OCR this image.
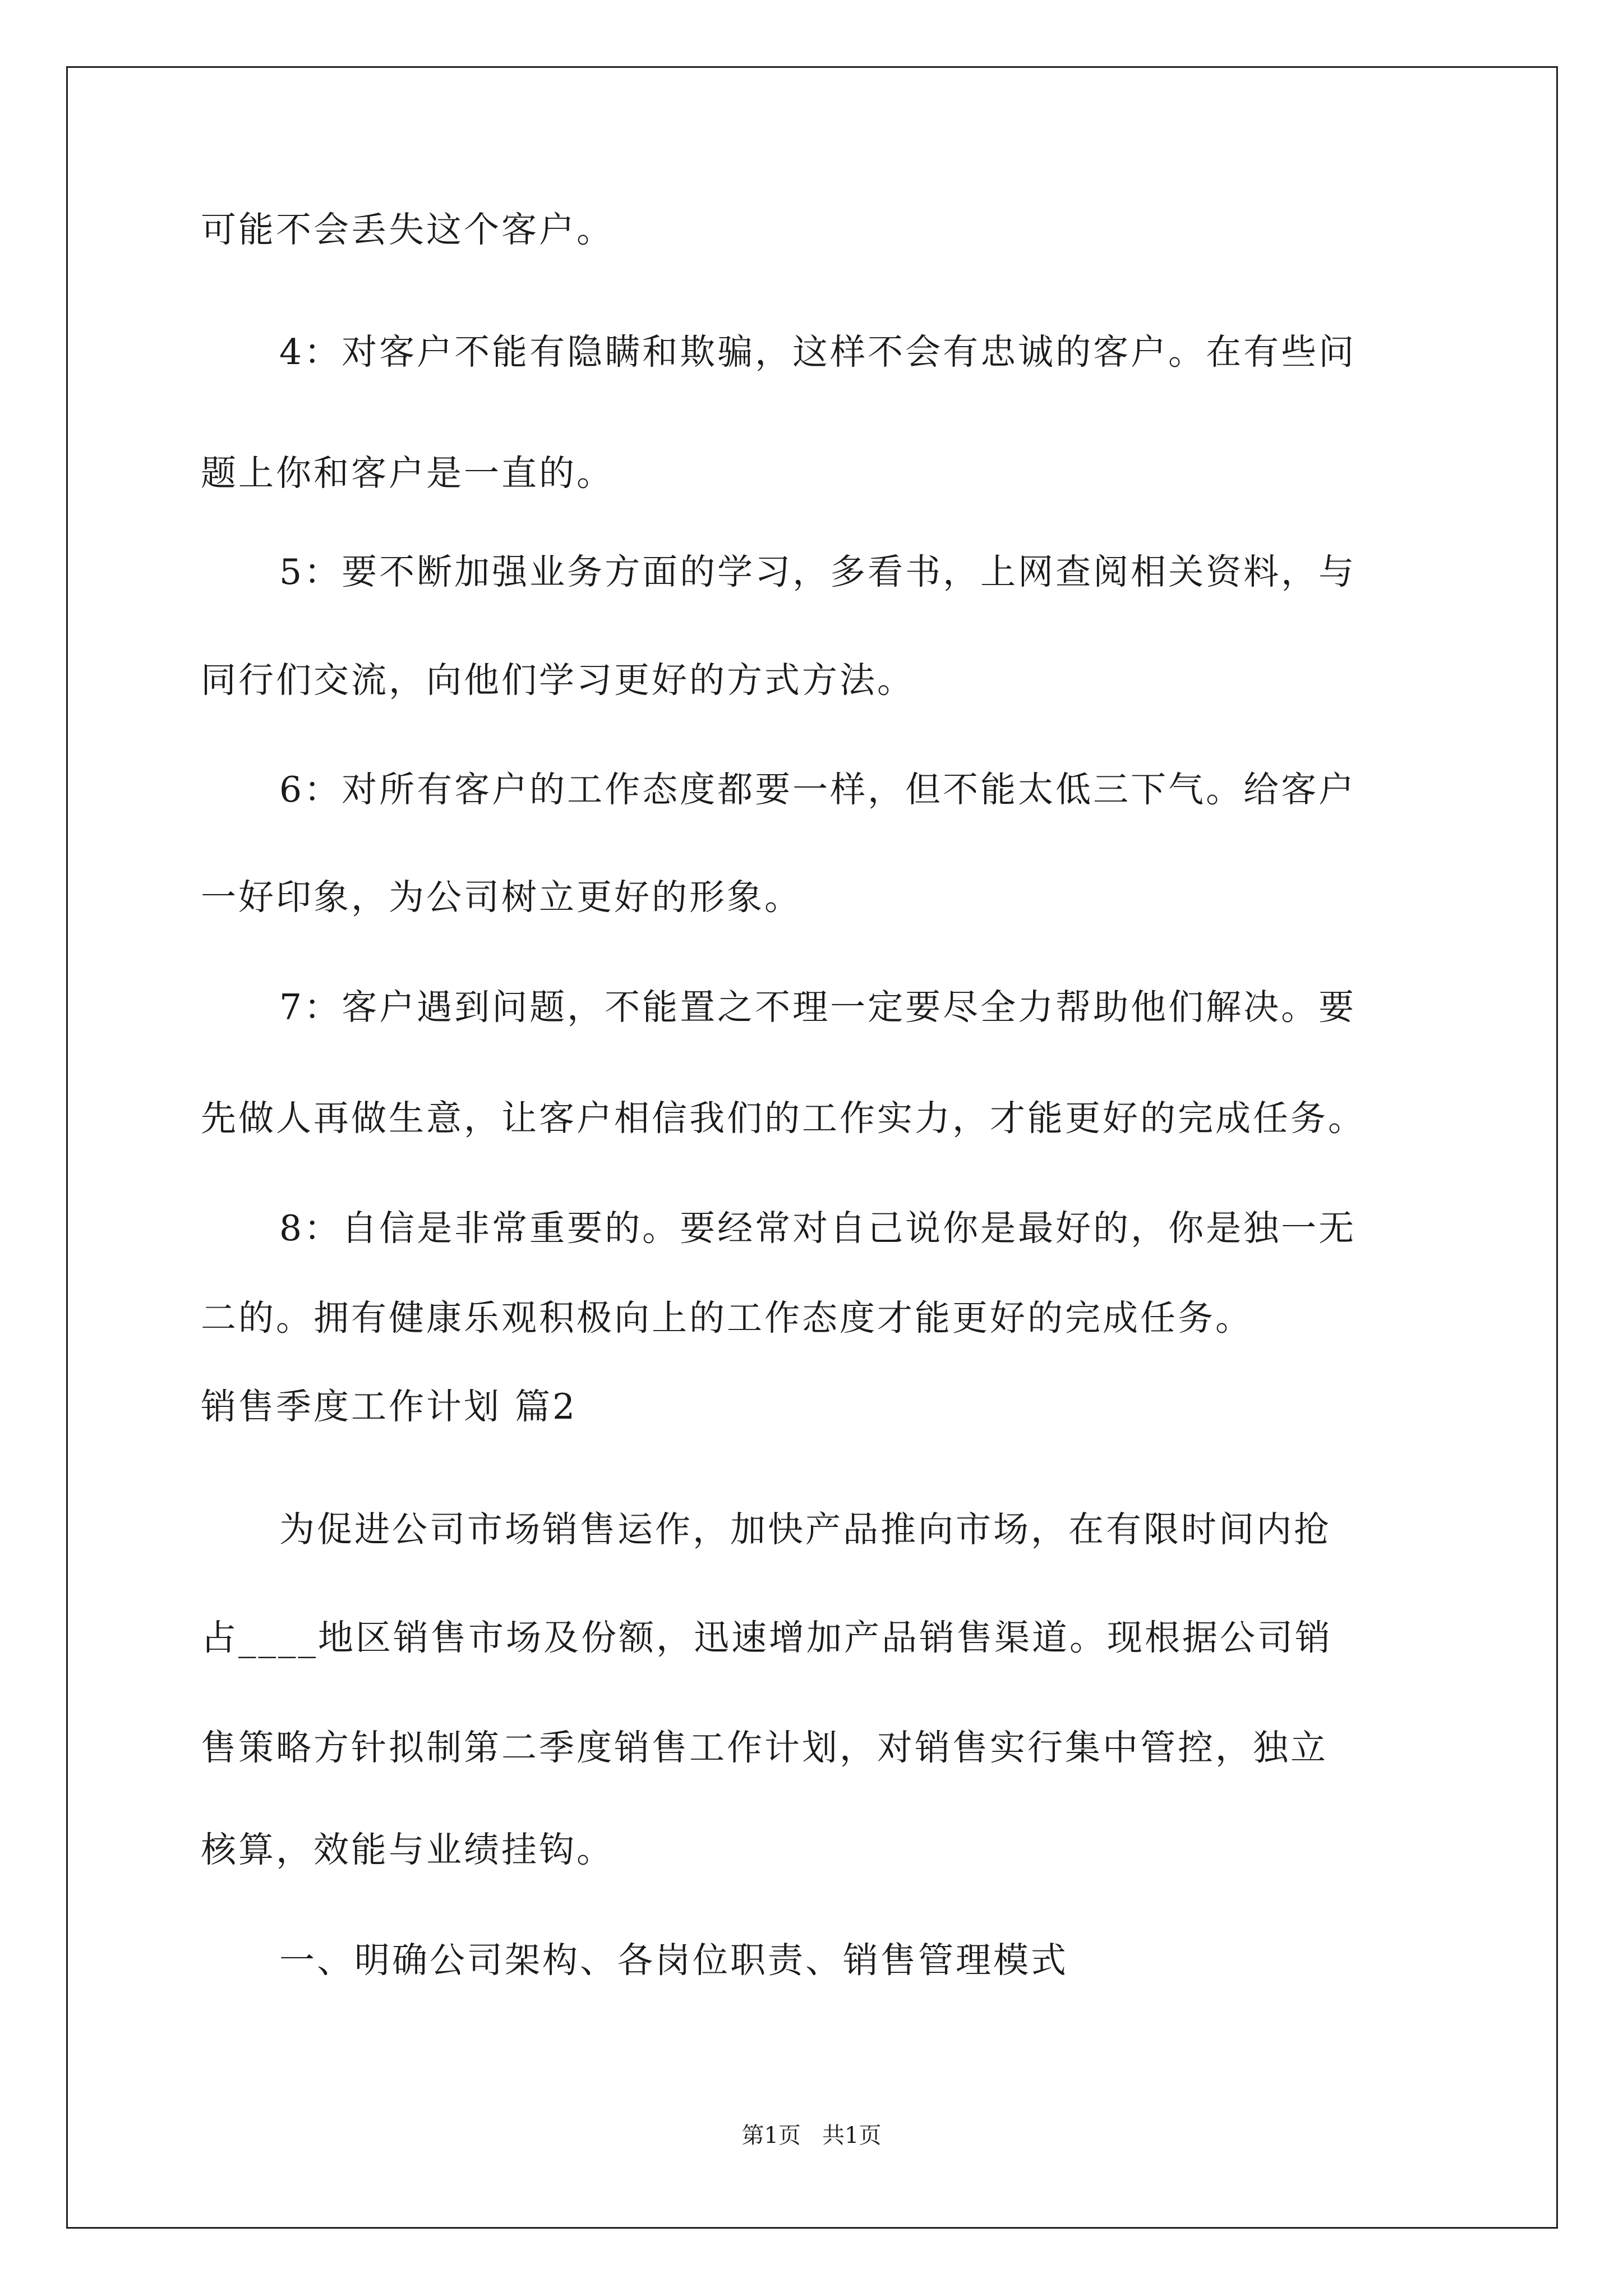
可能不会丢失这个客户。
4：对客户不能有隐瞒和欺骗，这样不会有忠诚的客户。在有些问
题上你和客户是一直的。
5：要不断加强业务方面的学习，多看书，上网查阅相关资料，与
同行们交流，向他们学习更好的方式方法。
6：对所有客户的工作态度都要一样，但不能太低三下气。给客户
一好印象，为公司树立更好的形象。
7：客户遇到问题，不能置之不理一定要尽全力帮助他们解决。要
先做人再做生意，让客户相信我们的工作实力，才能更好的完成任务。
8：自信是非常重要的。要经常对自己说你是最好的，你是独一无
二的。拥有健康乐观积极向上的工作态度才能更好的完成任务。
销售季度工作计划 篇2
为促进公司市场销售运作，加快产品推向市场，在有限时间内抢
占____地区销售市场及份额，迅速增加产品销售渠道。现根据公司销
售策略方针拟制第二季度销售工作计划，对销售实行集中管控，独立
核算，效能与业绩挂钩。
一、明确公司架构、各岗位职责、销售管理模式
第1页   共1页
